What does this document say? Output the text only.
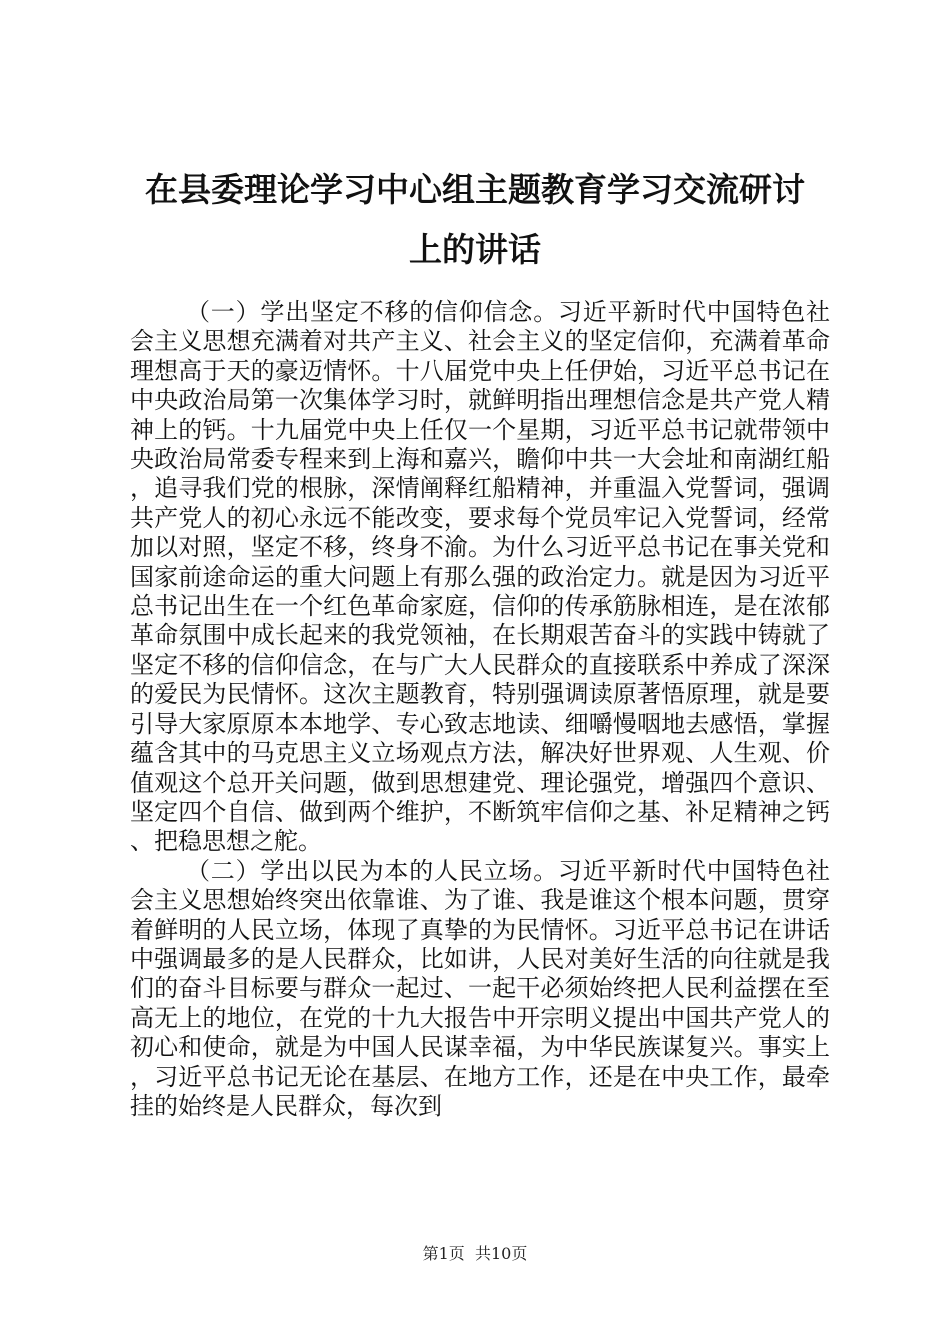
在县委理论学习中心组主题教育学习交流研讨
上的讲话

（一）学出坚定不移的信仰信念。习近平新时代中国特色社会主义思想充满着对共产主义、社会主义的坚定信仰，充满着革命理想高于天的豪迈情怀。十八届党中央上任伊始，习近平总书记在中央政治局第一次集体学习时，就鲜明指出理想信念是共产党人精神上的钙。十九届党中央上任仅一个星期，习近平总书记就带领中央政治局常委专程来到上海和嘉兴，瞻仰中共一大会址和南湖红船，追寻我们党的根脉，深情阐释红船精神，并重温入党誓词，强调共产党人的初心永远不能改变，要求每个党员牢记入党誓词，经常加以对照，坚定不移，终身不渝。为什么习近平总书记在事关党和国家前途命运的重大问题上有那么强的政治定力。就是因为习近平总书记出生在一个红色革命家庭，信仰的传承筋脉相连，是在浓郁革命氛围中成长起来的我党领袖，在长期艰苦奋斗的实践中铸就了坚定不移的信仰信念，在与广大人民群众的直接联系中养成了深深的爱民为民情怀。这次主题教育，特别强调读原著悟原理，就是要引导大家原原本本地学、专心致志地读、细嚼慢咽地去感悟，掌握蕴含其中的马克思主义立场观点方法，解决好世界观、人生观、价值观这个总开关问题，做到思想建党、理论强党，增强四个意识、坚定四个自信、做到两个维护，不断筑牢信仰之基、补足精神之钙、把稳思想之舵。

（二）学出以民为本的人民立场。习近平新时代中国特色社会主义思想始终突出依靠谁、为了谁、我是谁这个根本问题，贯穿着鲜明的人民立场，体现了真挚的为民情怀。习近平总书记在讲话中强调最多的是人民群众，比如讲，人民对美好生活的向往就是我们的奋斗目标要与群众一起过、一起干必须始终把人民利益摆在至高无上的地位，在党的十九大报告中开宗明义提出中国共产党人的初心和使命，就是为中国人民谋幸福，为中华民族谋复兴。事实上，习近平总书记无论在基层、在地方工作，还是在中央工作，最牵挂的始终是人民群众，每次到

第1页 共10页
